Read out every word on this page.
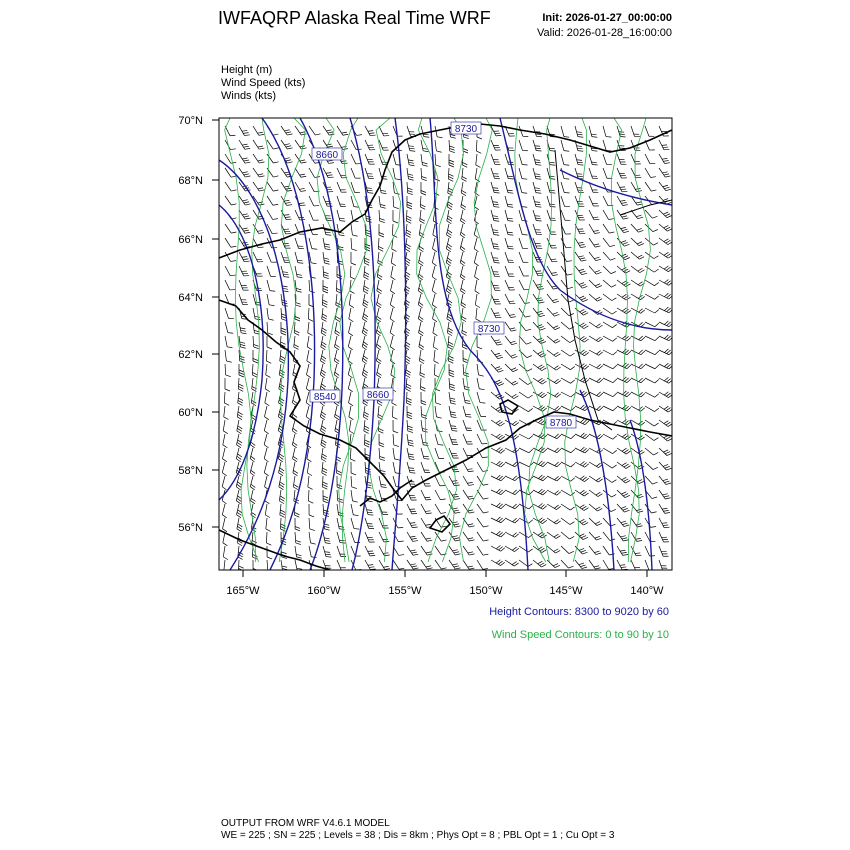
IWFAQRP Alaska Real Time WRF	Init: 2026-01-27_00:00:00
Valid: 2026-01-28_16:00:00
Height (m)
Wind Speed (kts)
Winds (kts)
70°N
68°N
66°N
64°N
62°N
60°N
58°N
56°N
165°W	160°W	155°W	150°W	145°W	140°W
8730
8660
8730
8540	8660
8780
Height Contours: 8300 to 9020 by 60
Wind Speed Contours: 0 to 90 by 10
OUTPUT FROM WRF V4.6.1 MODEL
WE = 225 ; SN = 225 ; Levels = 38 ; Dis = 8km ; Phys Opt = 8 ; PBL Opt = 1 ; Cu Opt = 3
